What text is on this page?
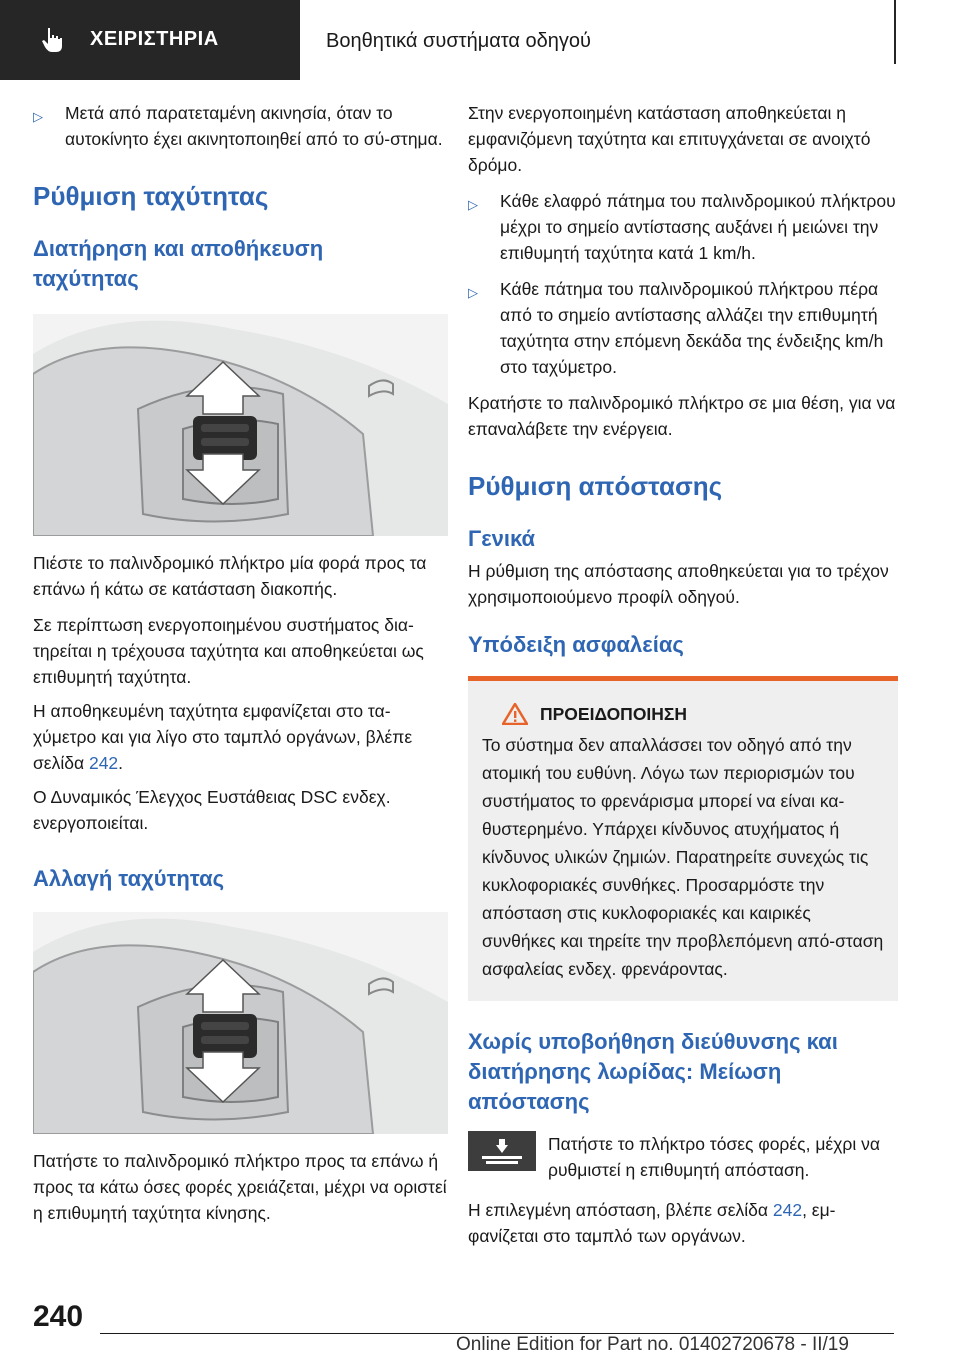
ΧΕΙΡΙΣΤΗΡΙΑ	Βοηθητικά συστήματα οδηγού

▷ Μετά από παρατεταμένη ακινησία, όταν το αυτοκίνητο έχει ακινητοποιηθεί από το σύ-στημα.

Ρύθμιση ταχύτητας
Διατήρηση και αποθήκευση ταχύτητας

Πιέστε το παλινδρομικό πλήκτρο μία φορά προς τα επάνω ή κάτω σε κατάσταση διακοπής.

Σε περίπτωση ενεργοποιημένου συστήματος δια-τηρείται η τρέχουσα ταχύτητα και αποθηκεύεται ως επιθυμητή ταχύτητα.

Η αποθηκευμένη ταχύτητα εμφανίζεται στο τα-χύμετρο και για λίγο στο ταμπλό οργάνων, βλέπε σελίδα 242.

Ο Δυναμικός Έλεγχος Ευστάθειας DSC ενδεχ. ενεργοποιείται.

Αλλαγή ταχύτητας

Πατήστε το παλινδρομικό πλήκτρο προς τα επάνω ή προς τα κάτω όσες φορές χρειάζεται, μέχρι να οριστεί η επιθυμητή ταχύτητα κίνησης.

Στην ενεργοποιημένη κατάσταση αποθηκεύεται η εμφανιζόμενη ταχύτητα και επιτυγχάνεται σε ανοιχτό δρόμο.

▷ Κάθε ελαφρό πάτημα του παλινδρομικού πλήκτρου μέχρι το σημείο αντίστασης αυξάνει ή μειώνει την επιθυμητή ταχύτητα κατά 1 km/h.

▷ Κάθε πάτημα του παλινδρομικού πλήκτρου πέρα από το σημείο αντίστασης αλλάζει την επιθυμητή ταχύτητα στην επόμενη δεκάδα της ένδειξης km/h στο ταχύμετρο.

Κρατήστε το παλινδρομικό πλήκτρο σε μια θέση, για να επαναλάβετε την ενέργεια.

Ρύθμιση απόστασης
Γενικά

Η ρύθμιση της απόστασης αποθηκεύεται για το τρέχον χρησιμοποιούμενο προφίλ οδηγού.

Υπόδειξη ασφαλείας
ΠΡΟΕΙΔΟΠΟΙΗΣΗ

Το σύστημα δεν απαλλάσσει τον οδηγό από την ατομική του ευθύνη. Λόγω των περιορισμών του συστήματος το φρενάρισμα μπορεί να είναι κα-θυστερημένο. Υπάρχει κίνδυνος ατυχήματος ή κίνδυνος υλικών ζημιών. Παρατηρείτε συνεχώς τις κυκλοφοριακές συνθήκες. Προσαρμόστε την απόσταση στις κυκλοφοριακές και καιρικές συνθήκες και τηρείτε την προβλεπόμενη από-σταση ασφαλείας ενδεχ. φρενάροντας.

Χωρίς υποβοήθηση διεύθυνσης και διατήρησης λωρίδας: Μείωση απόστασης

Πατήστε το πλήκτρο τόσες φορές, μέχρι να ρυθμιστεί η επιθυμητή απόσταση.

Η επιλεγμένη απόσταση, βλέπε σελίδα 242, εμ-φανίζεται στο ταμπλό των οργάνων.

240
Online Edition for Part no. 01402720678 - II/19
